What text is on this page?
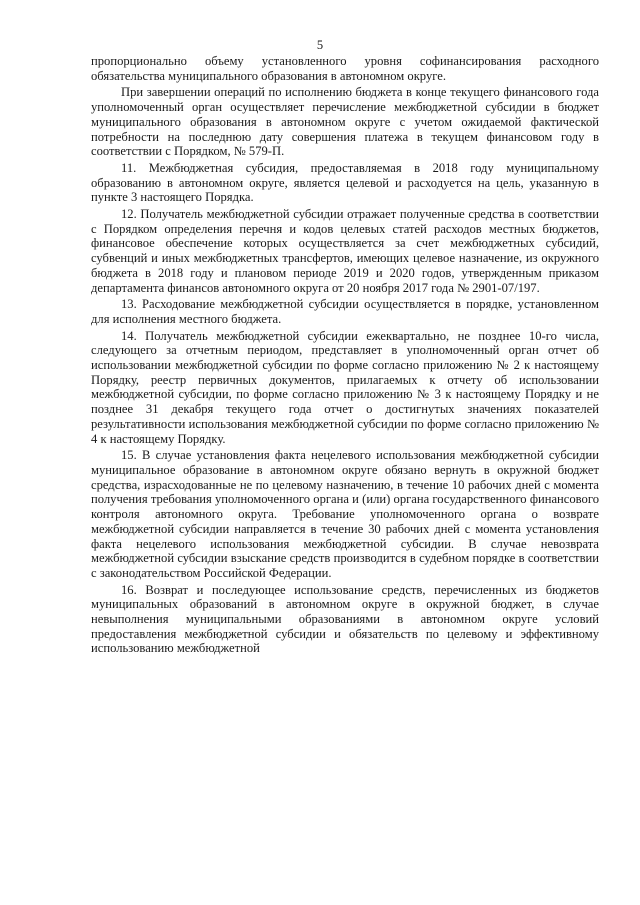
5

пропорционально объему установленного уровня софинансирования расходного обязательства муниципального образования в автономном округе.

При завершении операций по исполнению бюджета в конце текущего финансового года уполномоченный орган осуществляет перечисление межбюджетной субсидии в бюджет муниципального образования в автономном округе с учетом ожидаемой фактической потребности на последнюю дату совершения платежа в текущем финансовом году в соответствии с Порядком, № 579-П.

11. Межбюджетная субсидия, предоставляемая в 2018 году муниципальному образованию в автономном округе, является целевой и расходуется на цель, указанную в пункте 3 настоящего Порядка.

12. Получатель межбюджетной субсидии отражает полученные средства в соответствии с Порядком определения перечня и кодов целевых статей расходов местных бюджетов, финансовое обеспечение которых осуществляется за счет межбюджетных субсидий, субвенций и иных межбюджетных трансфертов, имеющих целевое назначение, из окружного бюджета в 2018 году и плановом периоде 2019 и 2020 годов, утвержденным приказом департамента финансов автономного округа от 20 ноября 2017 года № 2901-07/197.

13. Расходование межбюджетной субсидии осуществляется в порядке, установленном для исполнения местного бюджета.

14. Получатель межбюджетной субсидии ежеквартально, не позднее 10-го числа, следующего за отчетным периодом, представляет в уполномоченный орган отчет об использовании межбюджетной субсидии по форме согласно приложению № 2 к настоящему Порядку, реестр первичных документов, прилагаемых к отчету об использовании межбюджетной субсидии, по форме согласно приложению № 3 к настоящему Порядку и не позднее 31 декабря текущего года отчет о достигнутых значениях показателей результативности использования межбюджетной субсидии по форме согласно приложению № 4 к настоящему Порядку.

15. В случае установления факта нецелевого использования межбюджетной субсидии муниципальное образование в автономном округе обязано вернуть в окружной бюджет средства, израсходованные не по целевому назначению, в течение 10 рабочих дней с момента получения требования уполномоченного органа и (или) органа государственного финансового контроля автономного округа. Требование уполномоченного органа о возврате межбюджетной субсидии направляется в течение 30 рабочих дней с момента установления факта нецелевого использования межбюджетной субсидии. В случае невозврата межбюджетной субсидии взыскание средств производится в судебном порядке в соответствии с законодательством Российской Федерации.

16. Возврат и последующее использование средств, перечисленных из бюджетов муниципальных образований в автономном округе в окружной бюджет, в случае невыполнения муниципальными образованиями в автономном округе условий предоставления межбюджетной субсидии и обязательств по целевому и эффективному использованию межбюджетной
